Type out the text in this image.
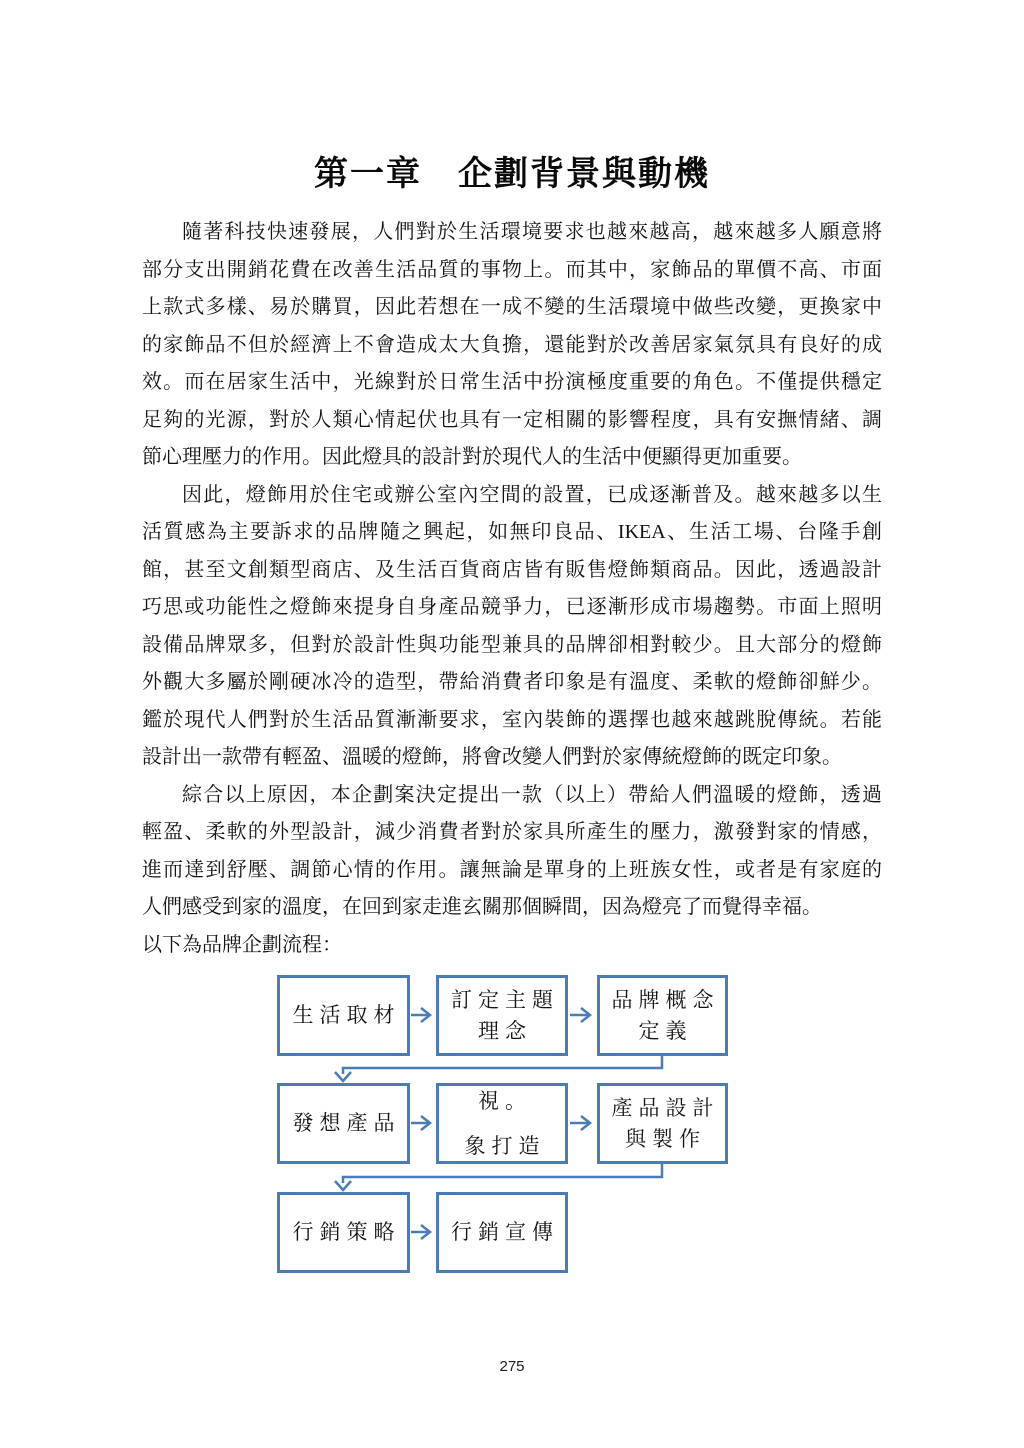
第一章　企劃背景與動機
隨著科技快速發展，人們對於生活環境要求也越來越高，越來越多人願意將
部分支出開銷花費在改善生活品質的事物上。而其中，家飾品的單價不高、市面
上款式多樣、易於購買，因此若想在一成不變的生活環境中做些改變，更換家中
的家飾品不但於經濟上不會造成太大負擔，還能對於改善居家氣氛具有良好的成
效。而在居家生活中，光線對於日常生活中扮演極度重要的角色。不僅提供穩定
足夠的光源，對於人類心情起伏也具有一定相關的影響程度，具有安撫情緒、調
節心理壓力的作用。因此燈具的設計對於現代人的生活中便顯得更加重要。
因此，燈飾用於住宅或辦公室內空間的設置，已成逐漸普及。越來越多以生
活質感為主要訴求的品牌隨之興起，如無印良品、IKEA、生活工場、台隆手創
館，甚至文創類型商店、及生活百貨商店皆有販售燈飾類商品。因此，透過設計
巧思或功能性之燈飾來提身自身產品競爭力，已逐漸形成市場趨勢。市面上照明
設備品牌眾多，但對於設計性與功能型兼具的品牌卻相對較少。且大部分的燈飾
外觀大多屬於剛硬冰冷的造型，帶給消費者印象是有溫度、柔軟的燈飾卻鮮少。
鑑於現代人們對於生活品質漸漸要求，室內裝飾的選擇也越來越跳脫傳統。若能
設計出一款帶有輕盈、溫暖的燈飾，將會改變人們對於家傳統燈飾的既定印象。
綜合以上原因，本企劃案決定提出一款（以上）帶給人們溫暖的燈飾，透過
輕盈、柔軟的外型設計，減少消費者對於家具所產生的壓力，激發對家的情感，
進而達到舒壓、調節心情的作用。讓無論是單身的上班族女性，或者是有家庭的
人們感受到家的溫度，在回到家走進玄關那個瞬間，因為燈亮了而覺得幸福。
以下為品牌企劃流程：
生活取材
訂定主題
理念
品牌概念
定義
發想產品
視。
象打造
產品設計
與製作
行銷策略 行銷宣傳
275
